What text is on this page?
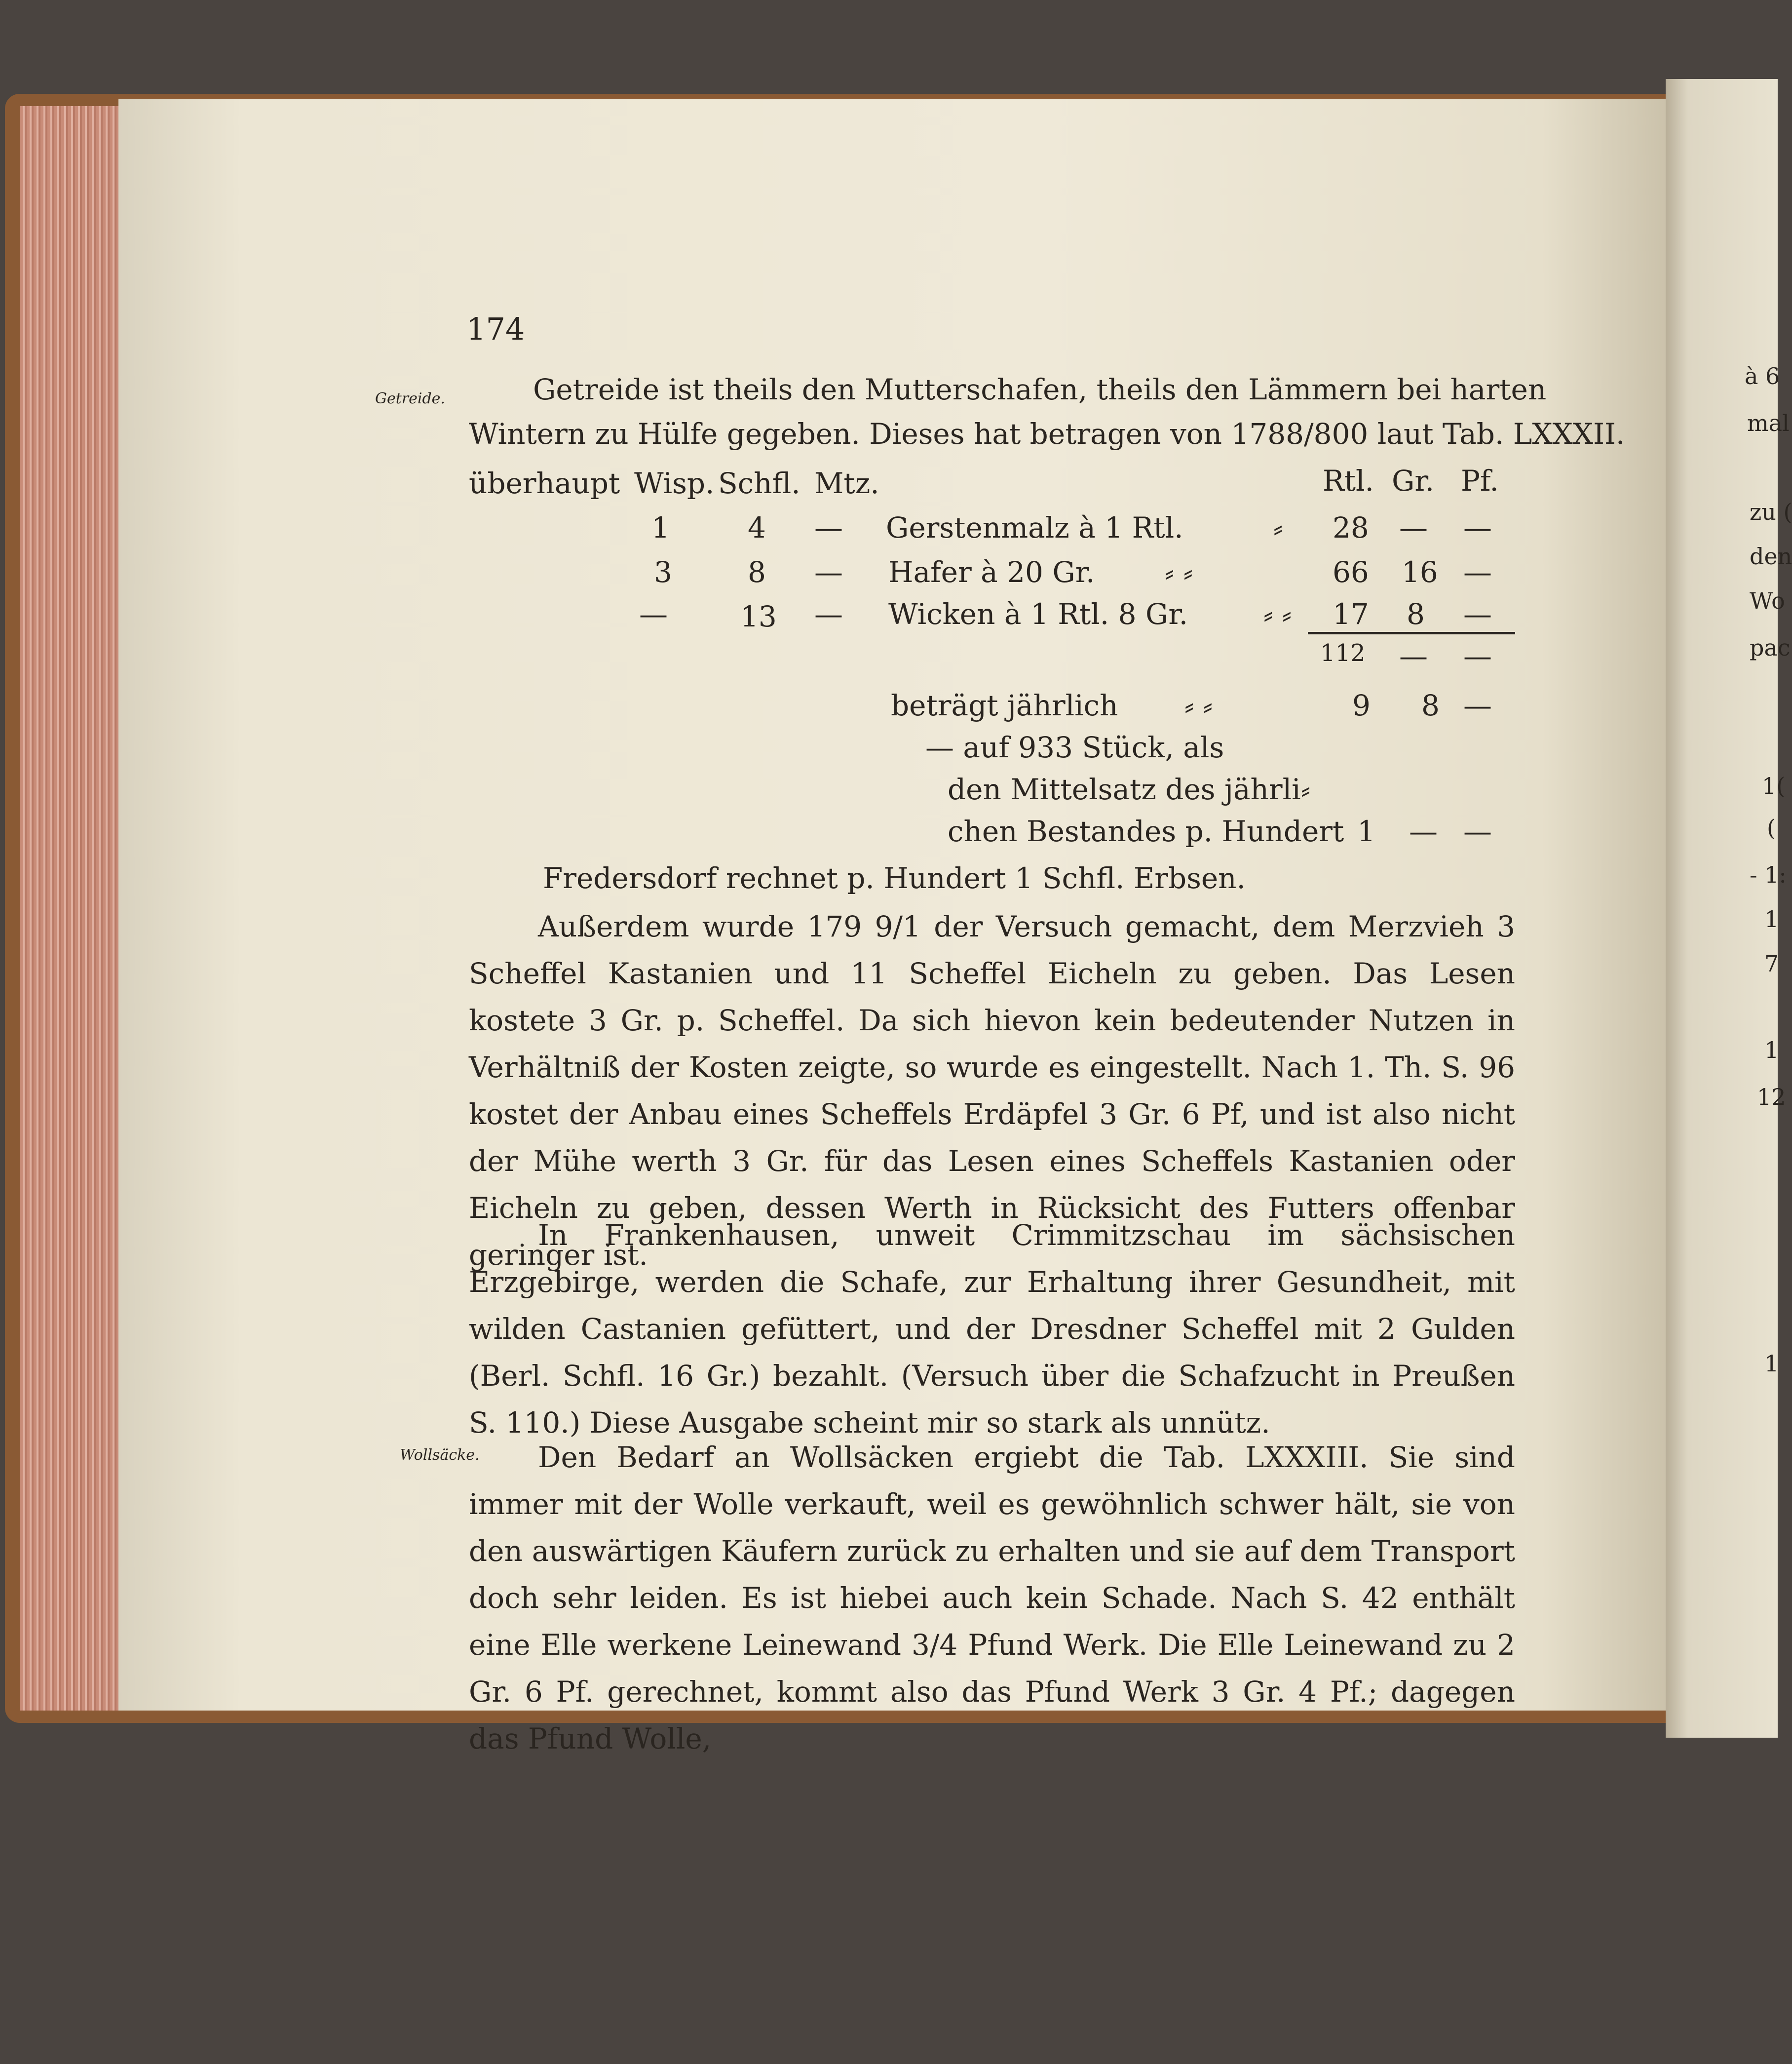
174
Getreide.
Wollsäcke.
Getreide ist theils den Mutterschafen, theils den Lämmern bei harten
Wintern zu Hülfe gegeben. Dieses hat betragen von 1788/800 laut Tab. LXXXII.
überhaupt Wisp. Schfl. Mtz.	Rtl. Gr. Pf.
1	4 — Gerstenmalz à 1 Rtl.	⸗ 28 — —
3	8 — Hafer à 20 Gr. ⸗ ⸗	66 16 —
—	13 — Wicken à 1 Rtl. 8 Gr.	⸗ ⸗ 17 8 —
112 — —
beträgt jährlich ⸗ ⸗	9 8 —
— auf 933 Stück, als
den Mittelsatz des jährli⸗
chen Bestandes p. Hundert 1 — —
Fredersdorf rechnet p. Hundert 1 Schfl. Erbsen.
Außerdem wurde 179 9/1 der Versuch gemacht, dem Merzvieh 3 Scheffel Kastanien und 11 Scheffel Eicheln zu geben. Das Lesen kostete 3 Gr. p. Scheffel. Da sich hievon kein bedeutender Nutzen in Verhältniß der Kosten zeigte, so wurde es eingestellt. Nach 1. Th. S. 96 kostet der Anbau eines Scheffels Erdäpfel 3 Gr. 6 Pf, und ist also nicht der Mühe werth 3 Gr. für das Lesen eines Scheffels Kastanien oder Eicheln zu geben, dessen Werth in Rücksicht des Futters offenbar geringer ist.
In Frankenhausen, unweit Crimmitzschau im sächsischen Erzgebirge, werden die Schafe, zur Erhaltung ihrer Gesundheit, mit wilden Castanien gefüttert, und der Dresdner Scheffel mit 2 Gulden (Berl. Schfl. 16 Gr.) bezahlt. (Versuch über die Schafzucht in Preußen S. 110.) Diese Ausgabe scheint mir so stark als unnütz.
Den Bedarf an Wollsäcken ergiebt die Tab. LXXXIII. Sie sind immer mit der Wolle verkauft, weil es gewöhnlich schwer hält, sie von den auswärtigen Käufern zurück zu erhalten und sie auf dem Transport doch sehr leiden. Es ist hiebei auch kein Schade. Nach S. 42 enthält eine Elle werkene Leinewand 3/4 Pfund Werk. Die Elle Leinewand zu 2 Gr. 6 Pf. gerechnet, kommt also das Pfund Werk 3 Gr. 4 Pf.; dagegen das Pfund Wolle,
à 6
mal
zu (
den
Wo
pac
1(
(
- 1:
1
7
1
12
1
